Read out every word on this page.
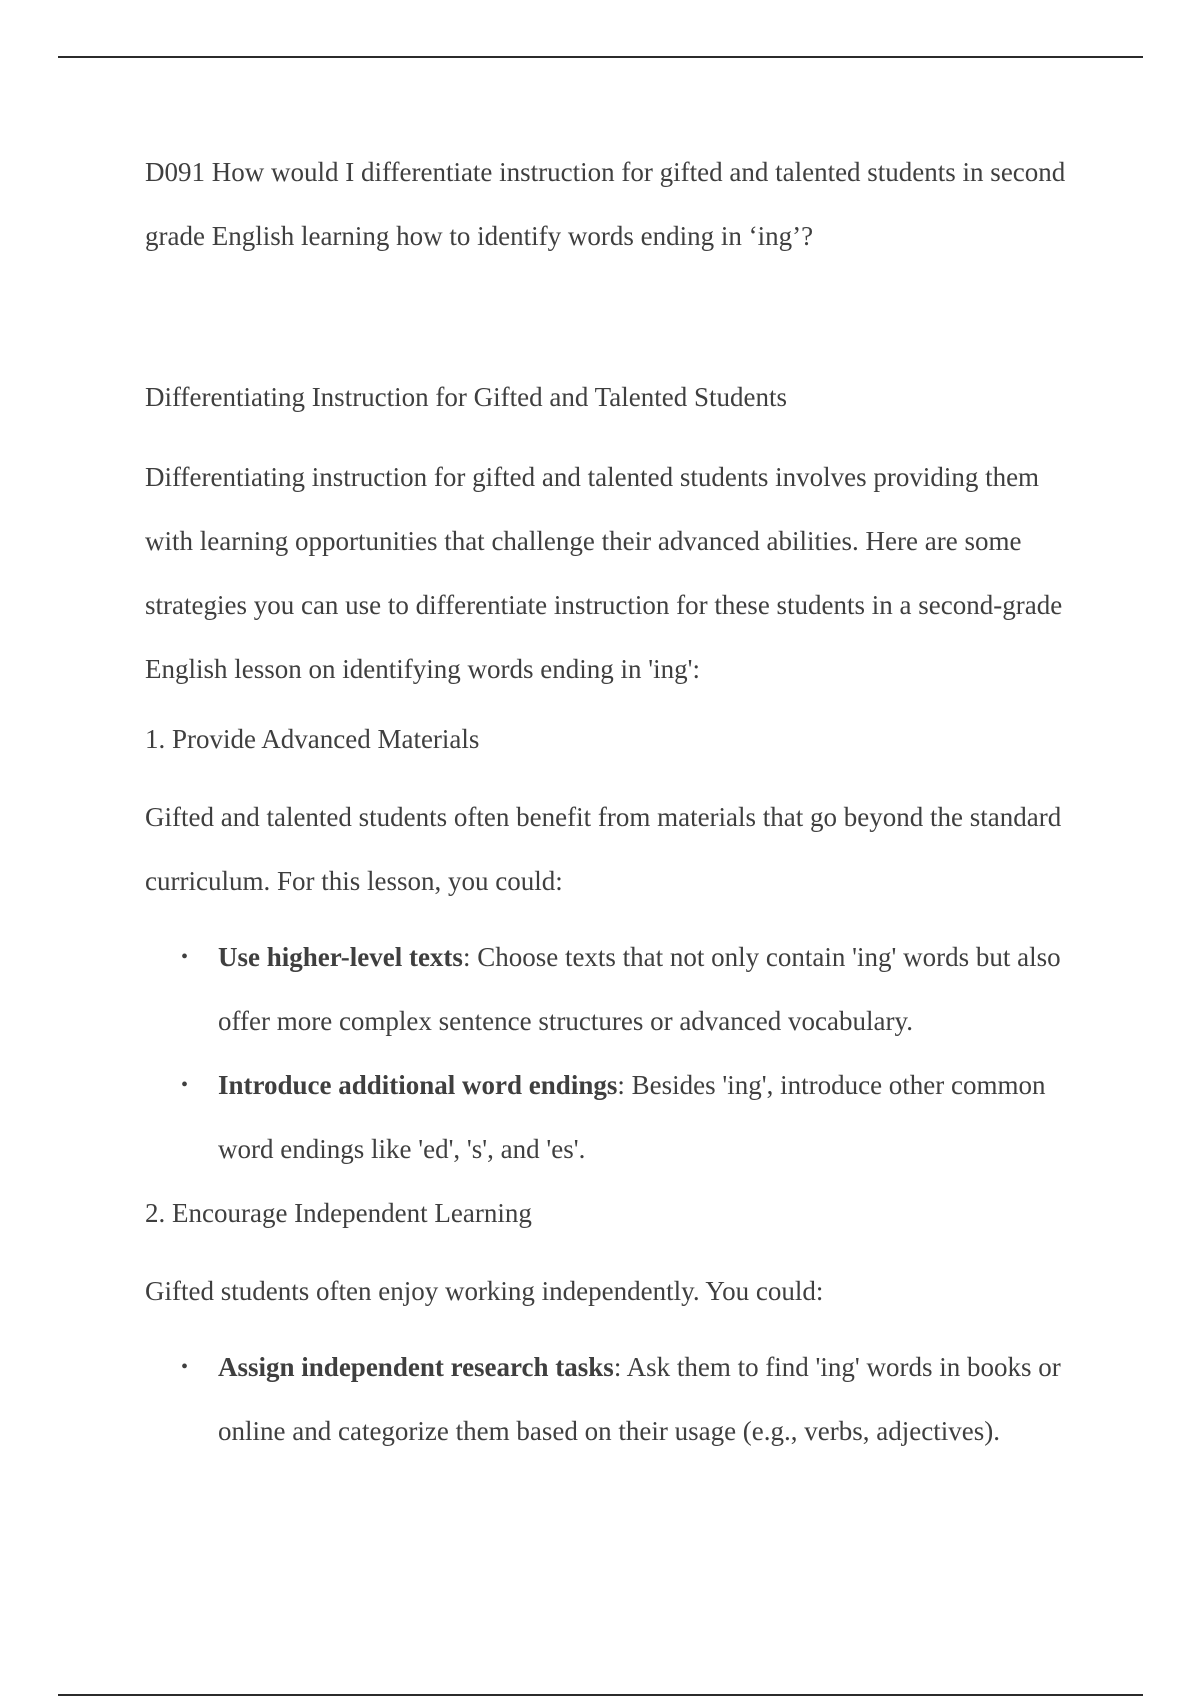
D091 How would I differentiate instruction for gifted and talented students in second grade English learning how to identify words ending in ‘ing’?

Differentiating Instruction for Gifted and Talented Students

Differentiating instruction for gifted and talented students involves providing them with learning opportunities that challenge their advanced abilities. Here are some strategies you can use to differentiate instruction for these students in a second-grade English lesson on identifying words ending in 'ing':

1. Provide Advanced Materials

Gifted and talented students often benefit from materials that go beyond the standard curriculum. For this lesson, you could:

• Use higher-level texts: Choose texts that not only contain 'ing' words but also offer more complex sentence structures or advanced vocabulary.
• Introduce additional word endings: Besides 'ing', introduce other common word endings like 'ed', 's', and 'es'.

2. Encourage Independent Learning

Gifted students often enjoy working independently. You could:

• Assign independent research tasks: Ask them to find 'ing' words in books or online and categorize them based on their usage (e.g., verbs, adjectives).
